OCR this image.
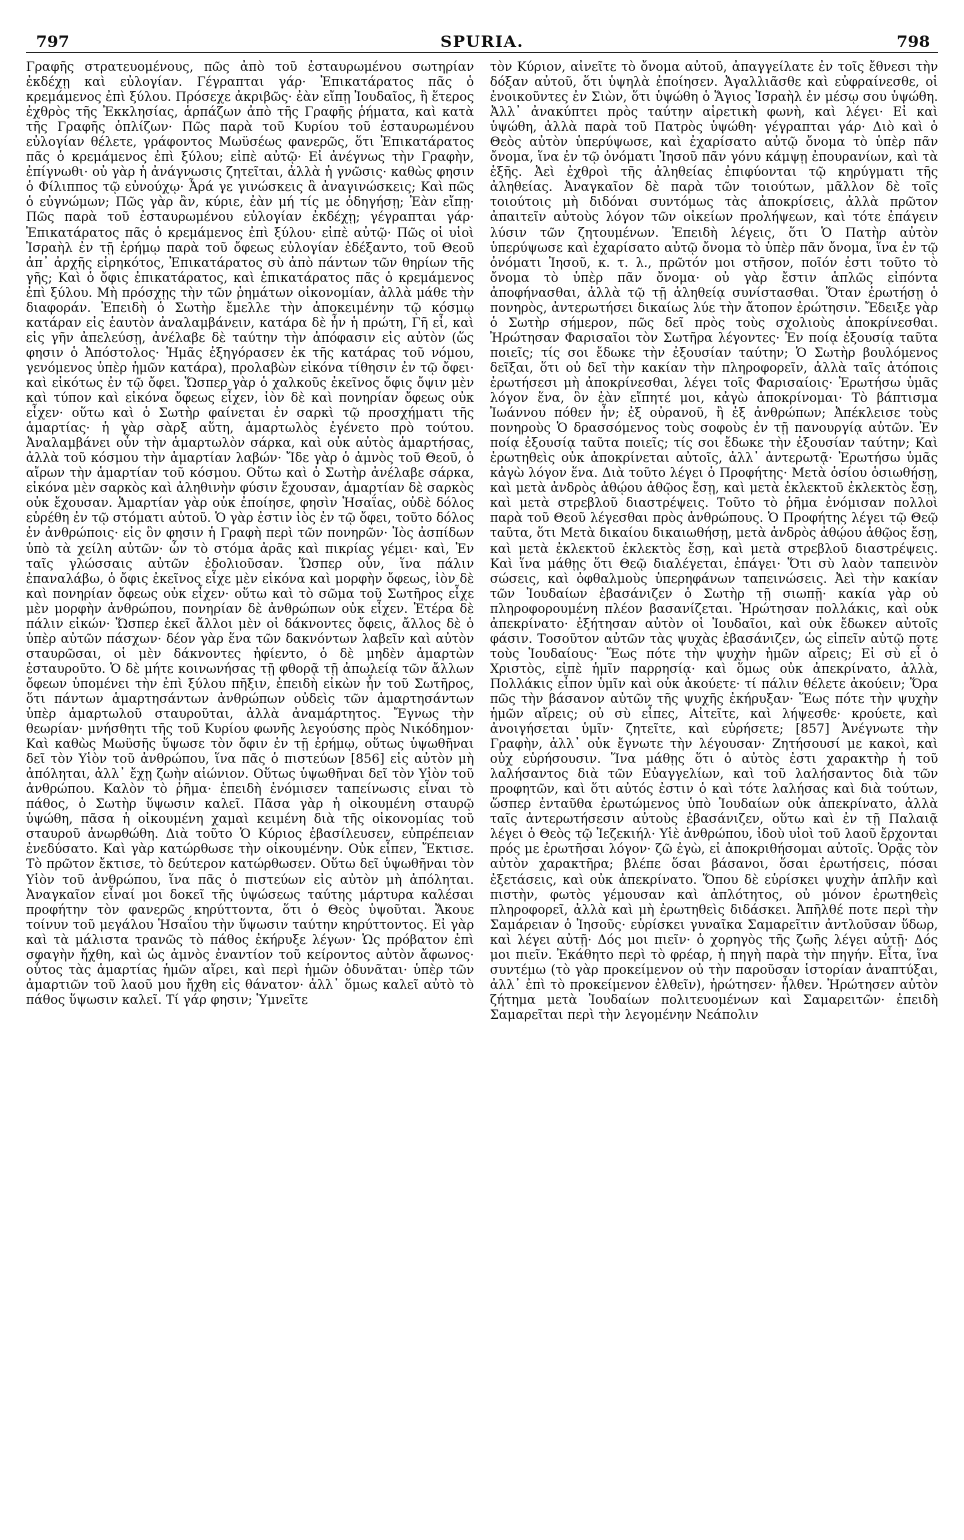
797	SPURIA.	798

Γραφῆς στρατευομένους, πῶς ἀπὸ τοῦ ἐσταυρωμένου σωτηρίαν ἐκδέχῃ καὶ εὐλογίαν. Γέγραπται γάρ· Ἐπικατάρατος πᾶς ὁ κρεμάμενος ἐπὶ ξύλου. Πρόσεχε ἀκριβῶς· ἐὰν εἴπῃ Ἰουδαῖος, ἢ ἕτερος ἐχθρὸς τῆς Ἐκκλησίας, ἁρπάζων ἀπὸ τῆς Γραφῆς ῥήματα, καὶ κατὰ τῆς Γραφῆς ὁπλίζων· Πῶς παρὰ τοῦ Κυρίου τοῦ ἐσταυρωμένου εὐλογίαν θέλετε, γράφοντος Μωϋσέως φανερῶς, ὅτι Ἐπικατάρατος πᾶς ὁ κρεμάμενος ἐπὶ ξύλου; εἰπὲ αὐτῷ· Εἰ ἀνέγνως τὴν Γραφὴν, ἐπίγνωθι· οὐ γὰρ ἡ ἀνάγνωσις ζητεῖται, ἀλλὰ ἡ γνῶσις· καθὼς φησιν ὁ Φίλιππος τῷ εὐνούχῳ· Ἆρά γε γινώσκεις ἃ ἀναγινώσκεις; Καὶ πῶς ὁ εὐγνώμων; Πῶς γὰρ ἂν, κύριε, ἐὰν μή τίς με ὁδηγήσῃ; Ἐὰν εἴπῃ· Πῶς παρὰ τοῦ ἐσταυρωμένου εὐλογίαν ἐκδέχῃ; γέγραπται γάρ· Ἐπικατάρατος πᾶς ὁ κρεμάμενος ἐπὶ ξύλου· εἰπὲ αὐτῷ· Πῶς οἱ υἱοὶ Ἰσραὴλ ἐν τῇ ἐρήμῳ παρὰ τοῦ ὄφεως εὐλογίαν ἐδέξαντο, τοῦ Θεοῦ ἀπ᾽ ἀρχῆς εἰρηκότος, Ἐπικατάρατος σὺ ἀπὸ πάντων τῶν θηρίων τῆς γῆς; Καὶ ὁ ὄφις ἐπικατάρατος, καὶ ἐπικατάρατος πᾶς ὁ κρεμάμενος ἐπὶ ξύλου. Μὴ πρόσχῃς τὴν τῶν ῥημάτων οἰκονομίαν, ἀλλὰ μάθε τὴν διαφοράν. Ἐπειδὴ ὁ Σωτὴρ ἔμελλε τὴν ἀποκειμένην τῷ κόσμῳ κατάραν εἰς ἑαυτὸν ἀναλαμβάνειν, κατάρα δὲ ἦν ἡ πρώτη, Γῆ εἶ, καὶ εἰς γῆν ἀπελεύσῃ, ἀνέλαβε δὲ ταύτην τὴν ἀπόφασιν εἰς αὐτὸν (ὥς φησιν ὁ Ἀπόστολος· Ἡμᾶς ἐξηγόρασεν ἐκ τῆς κατάρας τοῦ νόμου, γενόμενος ὑπὲρ ἡμῶν κατάρα), προλαβὼν εἰκόνα τίθησιν ἐν τῷ ὄφει· καὶ εἰκότως ἐν τῷ ὄφει. Ὥσπερ γὰρ ὁ χαλκοῦς ἐκεῖνος ὄφις ὄψιν μὲν καὶ τύπον καὶ εἰκόνα ὄφεως εἶχεν, ἰὸν δὲ καὶ πονηρίαν ὄφεως οὐκ εἶχεν· οὕτω καὶ ὁ Σωτὴρ φαίνεται ἐν σαρκὶ τῷ προσχήματι τῆς ἁμαρτίας· ἡ γὰρ σὰρξ αὕτη, ἁμαρτωλὸς ἐγένετο πρὸ τούτου. Ἀναλαμβάνει οὖν τὴν ἁμαρτωλὸν σάρκα, καὶ οὐκ αὐτὸς ἁμαρτήσας, ἀλλὰ τοῦ κόσμου τὴν ἁμαρτίαν λαβών· Ἴδε γὰρ ὁ ἀμνὸς τοῦ Θεοῦ, ὁ αἴρων τὴν ἁμαρτίαν τοῦ κόσμου. Οὕτω καὶ ὁ Σωτὴρ ἀνέλαβε σάρκα, εἰκόνα μὲν σαρκὸς καὶ ἀληθινὴν φύσιν ἔχουσαν, ἁμαρτίαν δὲ σαρκὸς οὐκ ἔχουσαν. Ἁμαρτίαν γὰρ οὐκ ἐποίησε, φησὶν Ἡσαΐας, οὐδὲ δόλος εὑρέθη ἐν τῷ στόματι αὐτοῦ. Ὁ γὰρ ἐστιν ἰὸς ἐν τῷ ὄφει, τοῦτο δόλος ἐν ἀνθρώποις· εἰς ὃν φησιν ἡ Γραφὴ περὶ τῶν πονηρῶν· Ἰὸς ἀσπίδων ὑπὸ τὰ χείλη αὐτῶν· ὧν τὸ στόμα ἀρᾶς καὶ πικρίας γέμει· καὶ, Ἐν ταῖς γλώσσαις αὐτῶν ἐδολιοῦσαν. Ὥσπερ οὖν, ἵνα πάλιν ἐπαναλάβω, ὁ ὄφις ἐκεῖνος εἶχε μὲν εἰκόνα καὶ μορφὴν ὄφεως, ἰὸν δὲ καὶ πονηρίαν ὄφεως οὐκ εἶχεν· οὕτω καὶ τὸ σῶμα τοῦ Σωτῆρος εἶχε μὲν μορφὴν ἀνθρώπου, πονηρίαν δὲ ἀνθρώπων οὐκ εἶχεν. Ἑτέρα δὲ πάλιν εἰκών· Ὥσπερ ἐκεῖ ἄλλοι μὲν οἱ δάκνοντες ὄφεις, ἄλλος δὲ ὁ ὑπὲρ αὐτῶν πάσχων· δέον γὰρ ἕνα τῶν δακνόντων λαβεῖν καὶ αὐτὸν σταυρῶσαι, οἱ μὲν δάκνοντες ἠφίεντο, ὁ δὲ μηδὲν ἁμαρτὼν ἐσταυροῦτο. Ὁ δὲ μήτε κοινωνήσας τῇ φθορᾷ τῇ ἀπωλείᾳ τῶν ἄλλων ὄφεων ὑπομένει τὴν ἐπὶ ξύλου πῆξιν, ἐπειδὴ εἰκὼν ἦν τοῦ Σωτῆρος, ὅτι πάντων ἁμαρτησάντων ἀνθρώπων οὐδεὶς τῶν ἁμαρτησάντων ὑπὲρ ἁμαρτωλοῦ σταυροῦται, ἀλλὰ ἀναμάρτητος. Ἔγνως τὴν θεωρίαν· μνήσθητι τῆς τοῦ Κυρίου φωνῆς λεγούσης πρὸς Νικόδημον· Καὶ καθὼς Μωϋσῆς ὕψωσε τὸν ὄφιν ἐν τῇ ἐρήμῳ, οὕτως ὑψωθῆναι δεῖ τὸν Υἱὸν τοῦ ἀνθρώπου, ἵνα πᾶς ὁ πιστεύων [856] εἰς αὐτὸν μὴ ἀπόληται, ἀλλ᾽ ἔχῃ ζωὴν αἰώνιον. Οὕτως ὑψωθῆναι δεῖ τὸν Υἱὸν τοῦ ἀνθρώπου. Καλὸν τὸ ῥῆμα· ἐπειδὴ ἐνόμισεν ταπείνωσις εἶναι τὸ πάθος, ὁ Σωτὴρ ὕψωσιν καλεῖ. Πᾶσα γὰρ ἡ οἰκουμένη σταυρῷ ὑψώθη, πᾶσα ἡ οἰκουμένη χαμαὶ κειμένη διὰ τῆς οἰκονομίας τοῦ σταυροῦ ἀνωρθώθη. Διὰ τοῦτο Ὁ Κύριος ἐβασίλευσεν, εὐπρέπειαν ἐνεδύσατο. Καὶ γὰρ κατώρθωσε τὴν οἰκουμένην. Οὐκ εἶπεν, Ἔκτισε. Τὸ πρῶτον ἔκτισε, τὸ δεύτερον κατώρθωσεν. Οὕτω δεῖ ὑψωθῆναι τὸν Υἱὸν τοῦ ἀνθρώπου, ἵνα πᾶς ὁ πιστεύων εἰς αὐτὸν μὴ ἀπόληται. Ἀναγκαῖον εἶναί μοι δοκεῖ τῆς ὑψώσεως ταύτης μάρτυρα καλέσαι προφήτην τὸν φανερῶς κηρύττοντα, ὅτι ὁ Θεὸς ὑψοῦται. Ἄκουε τοίνυν τοῦ μεγάλου Ἡσαΐου τὴν ὕψωσιν ταύτην κηρύττοντος. Εἰ γὰρ καὶ τὰ μάλιστα τρανῶς τὸ πάθος ἐκήρυξε λέγων· Ὡς πρόβατον ἐπὶ σφαγὴν ἤχθη, καὶ ὡς ἀμνὸς ἐναντίον τοῦ κείροντος αὐτὸν ἄφωνος· οὗτος τὰς ἁμαρτίας ἡμῶν αἴρει, καὶ περὶ ἡμῶν ὀδυνᾶται· ὑπὲρ τῶν ἀμαρτιῶν τοῦ λαοῦ μου ἤχθη εἰς θάνατον· ἀλλ᾽ ὅμως καλεῖ αὐτὸ τὸ πάθος ὕψωσιν καλεῖ. Τί γάρ φησιν; Ὑμνεῖτε

τὸν Κύριον, αἰνεῖτε τὸ ὄνομα αὐτοῦ, ἀπαγγείλατε ἐν τοῖς ἔθνεσι τὴν δόξαν αὐτοῦ, ὅτι ὑψηλὰ ἐποίησεν. Ἀγαλλιᾶσθε καὶ εὐφραίνεσθε, οἱ ἐνοικοῦντες ἐν Σιὼν, ὅτι ὑψώθη ὁ Ἅγιος Ἰσραὴλ ἐν μέσῳ σου ὑψώθη. Ἀλλ᾽ ἀνακύπτει πρὸς ταύτην αἱρετικὴ φωνὴ, καὶ λέγει· Εἰ καὶ ὑψώθη, ἀλλὰ παρὰ τοῦ Πατρὸς ὑψώθη· γέγραπται γάρ· Διὸ καὶ ὁ Θεὸς αὐτὸν ὑπερύψωσε, καὶ ἐχαρίσατο αὐτῷ ὄνομα τὸ ὑπὲρ πᾶν ὄνομα, ἵνα ἐν τῷ ὀνόματι Ἰησοῦ πᾶν γόνυ κάμψῃ ἐπουρανίων, καὶ τὰ ἑξῆς. Ἀεὶ ἐχθροὶ τῆς ἀληθείας ἐπιφύονται τῷ κηρύγματι τῆς ἀληθείας. Ἀναγκαῖον δὲ παρὰ τῶν τοιούτων, μᾶλλον δὲ τοῖς τοιούτοις μὴ διδόναι συντόμως τὰς ἀποκρίσεις, ἀλλὰ πρῶτον ἀπαιτεῖν αὐτοὺς λόγον τῶν οἰκείων προλήψεων, καὶ τότε ἐπάγειν λύσιν τῶν ζητουμένων. Ἐπειδὴ λέγεις, ὅτι Ὁ Πατὴρ αὐτὸν ὑπερύψωσε καὶ ἐχαρίσατο αὐτῷ ὄνομα τὸ ὑπὲρ πᾶν ὄνομα, ἵνα ἐν τῷ ὀνόματι Ἰησοῦ, κ. τ. λ., πρῶτόν μοι στῆσον, ποῖόν ἐστι τοῦτο τὸ ὄνομα τὸ ὑπὲρ πᾶν ὄνομα· οὐ γὰρ ἔστιν ἁπλῶς εἰπόντα ἀποφήνασθαι, ἀλλὰ τῷ τῇ ἀληθείᾳ συνίστασθαι. Ὅταν ἐρωτήσῃ ὁ πονηρὸς, ἀντερωτήσει δικαίως λύε τὴν ἄτοπον ἐρώτησιν. Ἔδειξε γὰρ ὁ Σωτὴρ σήμερον, πῶς δεῖ πρὸς τοὺς σχολιοὺς ἀποκρίνεσθαι. Ἠρώτησαν Φαρισαῖοι τὸν Σωτῆρα λέγοντες· Ἐν ποίᾳ ἐξουσίᾳ ταῦτα ποιεῖς; τίς σοι ἔδωκε τὴν ἐξουσίαν ταύτην; Ὁ Σωτὴρ βουλόμενος δεῖξαι, ὅτι οὐ δεῖ τὴν κακίαν τὴν πληροφορεῖν, ἀλλὰ ταῖς ἀτόποις ἐρωτήσεσι μὴ ἀποκρίνεσθαι, λέγει τοῖς Φαρισαίοις· Ἐρωτήσω ὑμᾶς λόγον ἕνα, ὃν ἐὰν εἴπητέ μοι, κἀγὼ ἀποκρίνομαι· Τὸ βάπτισμα Ἰωάννου πόθεν ἦν; ἐξ οὐρανοῦ, ἢ ἐξ ἀνθρώπων; Ἀπέκλεισε τοὺς πονηροὺς Ὁ δρασσόμενος τοὺς σοφοὺς ἐν τῇ πανουργίᾳ αὐτῶν. Ἐν ποίᾳ ἐξουσίᾳ ταῦτα ποιεῖς; τίς σοι ἔδωκε τὴν ἐξουσίαν ταύτην; Καὶ ἐρωτηθεὶς οὐκ ἀποκρίνεται αὐτοῖς, ἀλλ᾽ ἀντερωτᾷ· Ἐρωτήσω ὑμᾶς κἀγὼ λόγον ἕνα. Διὰ τοῦτο λέγει ὁ Προφήτης· Μετὰ ὁσίου ὁσιωθήσῃ, καὶ μετὰ ἀνδρὸς ἀθῴου ἀθῷος ἔσῃ, καὶ μετὰ ἐκλεκτοῦ ἐκλεκτὸς ἔσῃ, καὶ μετὰ στρεβλοῦ διαστρέψεις. Τοῦτο τὸ ῥῆμα ἐνόμισαν πολλοὶ παρὰ τοῦ Θεοῦ λέγεσθαι πρὸς ἀνθρώπους. Ὁ Προφήτης λέγει τῷ Θεῷ ταῦτα, ὅτι Μετὰ δικαίου δικαιωθήσῃ, μετὰ ἀνδρὸς ἀθῴου ἀθῷος ἔσῃ, καὶ μετὰ ἐκλεκτοῦ ἐκλεκτὸς ἔσῃ, καὶ μετὰ στρεβλοῦ διαστρέψεις. Καὶ ἵνα μάθῃς ὅτι Θεῷ διαλέγεται, ἐπάγει· Ὅτι σὺ λαὸν ταπεινὸν σώσεις, καὶ ὀφθαλμοὺς ὑπερηφάνων ταπεινώσεις. Ἀεὶ τὴν κακίαν τῶν Ἰουδαίων ἐβασάνιζεν ὁ Σωτὴρ τῇ σιωπῇ· κακία γὰρ οὐ πληροφορουμένη πλέον βασανίζεται. Ἠρώτησαν πολλάκις, καὶ οὐκ ἀπεκρίνατο· ἐξήτησαν αὐτὸν οἱ Ἰουδαῖοι, καὶ οὐκ ἔδωκεν αὐτοῖς φάσιν. Τοσοῦτον αὐτῶν τὰς ψυχὰς ἐβασάνιζεν, ὡς εἰπεῖν αὐτῷ ποτε τοὺς Ἰουδαίους· Ἕως πότε τὴν ψυχὴν ἡμῶν αἴρεις; Εἰ σὺ εἶ ὁ Χριστὸς, εἰπὲ ἡμῖν παρρησίᾳ· καὶ ὅμως οὐκ ἀπεκρίνατο, ἀλλὰ, Πολλάκις εἶπον ὑμῖν καὶ οὐκ ἀκούετε· τί πάλιν θέλετε ἀκούειν; Ὅρα πῶς τὴν βάσανον αὐτῶν τῆς ψυχῆς ἐκήρυξαν· Ἕως πότε τὴν ψυχὴν ἡμῶν αἴρεις; οὐ σὺ εἶπες, Αἰτεῖτε, καὶ λήψεσθε· κρούετε, καὶ ἀνοιγήσεται ὑμῖν· ζητεῖτε, καὶ εὑρήσετε; [857] Ἀνέγνωτε τὴν Γραφὴν, ἀλλ᾽ οὐκ ἔγνωτε τὴν λέγουσαν· Ζητήσουσί με κακοὶ, καὶ οὐχ εὑρήσουσιν. Ἵνα μάθῃς ὅτι ὁ αὐτὸς ἐστι χαρακτὴρ ἡ τοῦ λαλήσαντος διὰ τῶν Εὐαγγελίων, καὶ τοῦ λαλήσαντος διὰ τῶν προφητῶν, καὶ ὅτι αὐτός ἐστιν ὁ καὶ τότε λαλήσας καὶ διὰ τούτων, ὥσπερ ἐνταῦθα ἐρωτώμενος ὑπὸ Ἰουδαίων οὐκ ἀπεκρίνατο, ἀλλὰ ταῖς ἀντερωτήσεσιν αὐτοὺς ἐβασάνιζεν, οὕτω καὶ ἐν τῇ Παλαιᾷ λέγει ὁ Θεὸς τῷ Ἰεζεκιήλ· Υἱὲ ἀνθρώπου, ἰδοὺ υἱοὶ τοῦ λαοῦ ἔρχονται πρός με ἐρωτῆσαι λόγον· ζῶ ἐγὼ, εἰ ἀποκριθήσομαι αὐτοῖς. Ὁρᾷς τὸν αὐτὸν χαρακτῆρα; βλέπε ὅσαι βάσανοι, ὅσαι ἐρωτήσεις, πόσαι ἐξετάσεις, καὶ οὐκ ἀπεκρίνατο. Ὅπου δὲ εὑρίσκει ψυχὴν ἁπλῆν καὶ πιστὴν, φωτὸς γέμουσαν καὶ ἀπλότητος, οὐ μόνον ἐρωτηθεὶς πληροφορεῖ, ἀλλὰ καὶ μὴ ἐρωτηθεὶς διδάσκει. Ἀπῆλθέ ποτε περὶ τὴν Σαμάρειαν ὁ Ἰησοῦς· εὑρίσκει γυναῖκα Σαμαρεῖτιν ἀντλοῦσαν ὕδωρ, καὶ λέγει αὐτῇ· Δός μοι πιεῖν· ὁ χορηγὸς τῆς ζωῆς λέγει αὐτῇ· Δός μοι πιεῖν. Ἐκάθητο περὶ τὸ φρέαρ, ἡ πηγὴ παρὰ τὴν πηγήν. Εἶτα, ἵνα συντέμω (τὸ γὰρ προκείμενον οὐ τὴν παροῦσαν ἱστορίαν ἀναπτύξαι, ἀλλ᾽ ἐπὶ τὸ προκείμενον ἐλθεῖν), ἠρώτησεν· ἦλθεν. Ἠρώτησεν αὐτὸν ζήτημα μετὰ Ἰουδαίων πολιτευομένων καὶ Σαμαρειτῶν· ἐπειδὴ Σαμαρεῖται περὶ τὴν λεγομένην Νεάπολιν
